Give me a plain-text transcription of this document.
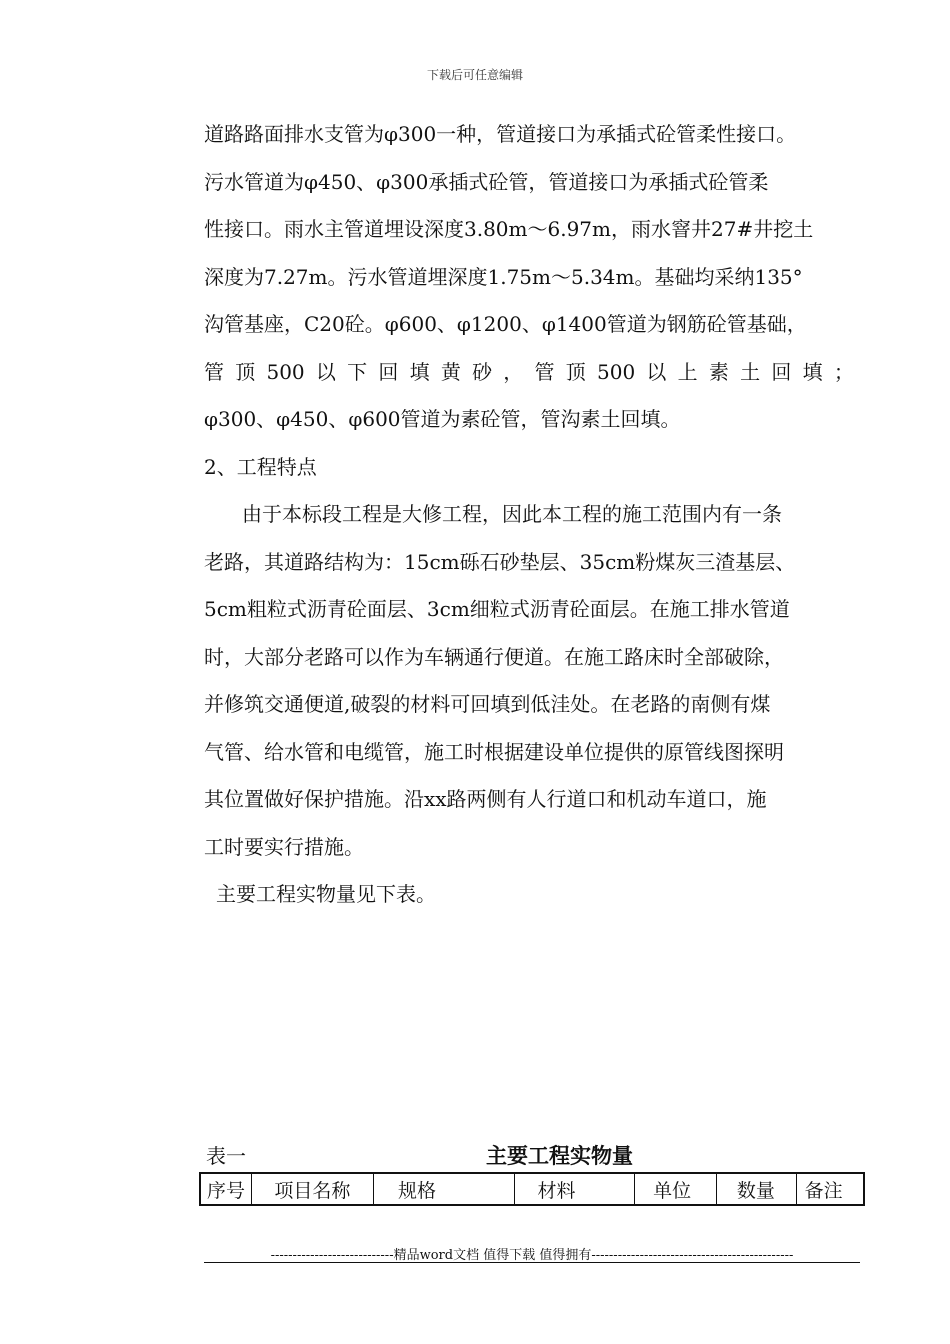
下载后可任意编辑
道路路面排水支管为φ300一种，管道接口为承插式砼管柔性接口。
污水管道为φ450、φ300承插式砼管，管道接口为承插式砼管柔
性接口。雨水主管道埋设深度3.80m～6.97m，雨水窨井27#井挖土
深度为7.27m。污水管道埋深度1.75m～5.34m。基础均采纳135°
沟管基座，C20砼。φ600、φ1200、φ1400管道为钢筋砼管基础，
管 顶 500 以 下 回 填 黄 砂 ， 管 顶 500 以 上 素 土 回 填 ；
φ300、φ450、φ600管道为素砼管，管沟素土回填。
2、工程特点
由于本标段工程是大修工程，因此本工程的施工范围内有一条
老路，其道路结构为：15cm砾石砂垫层、35cm粉煤灰三渣基层、
5cm粗粒式沥青砼面层、3cm细粒式沥青砼面层。在施工排水管道
时，大部分老路可以作为车辆通行便道。在施工路床时全部破除，
并修筑交通便道,破裂的材料可回填到低洼处。在老路的南侧有煤
气管、给水管和电缆管，施工时根据建设单位提供的原管线图探明
其位置做好保护措施。沿xx路两侧有人行道口和机动车道口，施
工时要实行措施。
主要工程实物量见下表。
表一	主要工程实物量
序号	项目名称	规格	材料	单位	数量	备注
----------------------------精品word文档 值得下载 值得拥有----------------------------------------------
